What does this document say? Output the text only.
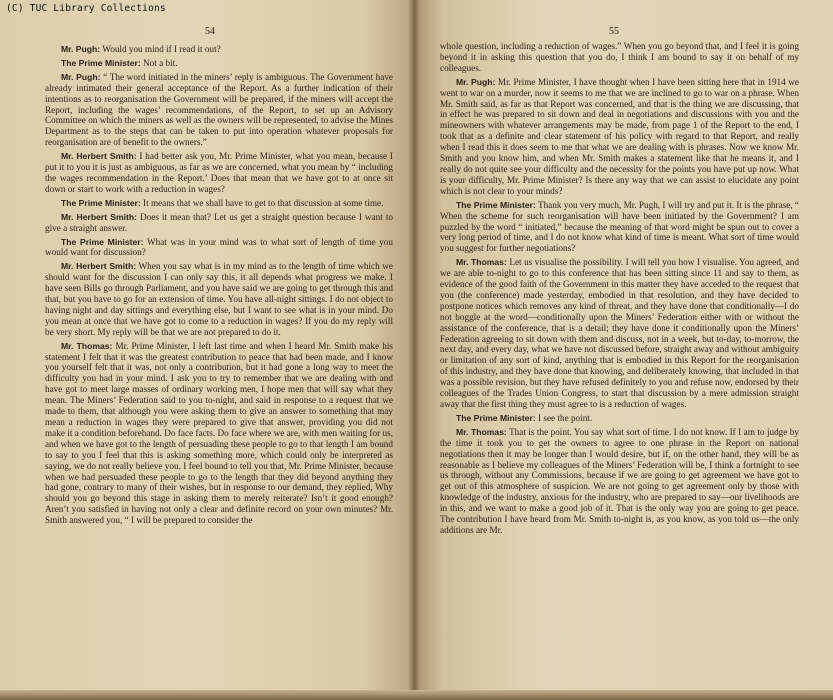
(C) TUC Library Collections
54

Mr. Pugh: Would you mind if I read it out?

The Prime Minister: Not a bit.

Mr. Pugh: “ The word initiated in the miners’ reply is ambiguous. The Government have already intimated their general acceptance of the Report. As a further indication of their intentions as to reorganisation the Government will be prepared, if the miners will accept the Report, including the wages’ recommendations, of the Report, to set up an Advisory Committee on which the miners as well as the owners will be represented, to advise the Mines Department as to the steps that can be taken to put into operation whatever proposals for reorganisation are of benefit to the owners.”

Mr. Herbert Smith: I had better ask you, Mr. Prime Minister, what you mean, because I put it to you it is just as ambiguous, as far as we are concerned, what you mean by “ including the wages recommendation in the Report.’ Does that mean that we have got to at once sit down or start to work with a reduction in wages?

The Prime Minister: It means that we shall have to get to that discussion at some time.

Mr. Herbert Smith: Does it mean that? Let us get a straight question because I want to give a straight answer.

The Prime Minister: What was in your mind was to what sort of length of time you would want for discussion?

Mr. Herbert Smith: When you say what is in my mind as to the length of time which we should want for the discussion I can only say this, it all depends what progress we make. I have seen Bills go through Parliament, and you have said we are going to get through this and that, but you have to go for an extension of time. You have all-night sittings. I do not object to having night and day sittings and everything else, but I want to see what is in your mind. Do you mean at once that we have got to come to a reduction in wages? If you do my reply will be very short. My reply will be that we are not prepared to do it.

Mr. Thomas: Mr. Prime Minister, I left last time and when I heard Mr. Smith make his statement I felt that it was the greatest contribution to peace that had been made, and I know you yourself felt that it was, not only a contribution, but it had gone a long way to meet the difficulty you had in your mind. I ask you to try to remember that we are dealing with and have got to meet large masses of ordinary working men, I hope men that will say what they mean. The Miners’ Federation said to you to-night, and said in response to a request that we made to them, that although you were asking them to give an answer to something that may mean a reduction in wages they were prepared to give that answer, providing you did not make it a condition beforehand. Do face facts. Do face where we are, with men waiting for us, and when we have got to the length of persuading these people to go to that length I am bound to say to you I feel that this is asking something more, which could only be interpreted as saying, we do not really believe you. I feel bound to tell you that, Mr. Prime Minister, because when we had persuaded these people to go to the length that they did beyond anything they had gone, contrary to many of their wishes, but in response to our demand, they replied, Why should you go beyond this stage in asking them to merely reiterate? Isn’t it good enough? Aren’t you satisfied in having not only a clear and definite record on your own minutes? Mr. Smith answered you, “ I will be prepared to consider the

55

whole question, including a reduction of wages.” When you go beyond that, and I feel it is going beyond it in asking this question that you do, I think I am bound to say it on behalf of my colleagues.

Mr. Pugh: Mr. Prime Minister, I have thought when I have been sitting here that in 1914 we went to war on a murder, now it seems to me that we are inclined to go to war on a phrase. When Mr. Smith said, as far as that Report was concerned, and that is the thing we are discussing, that in effect he was prepared to sit down and deal in negotiations and discussions with you and the mineowners with whatever arrangements may be made, from page 1 of the Report to the end, I took that as a definite and clear statement of his policy with regard to that Report, and really when I read this it does seem to me that what we are dealing with is phrases. Now we know Mr. Smith and you know him, and when Mr. Smith makes a statement like that he means it, and I really do not quite see your difficulty and the necessity for the points you have put up now. What is your difficulty, Mr. Prime Minister? Is there any way that we can assist to elucidate any point which is not clear to your minds?

The Prime Minister: Thank you very much, Mr. Pugh, I will try and put it. It is the phrase, “ When the scheme for such reorganisation will have been initiated by the Government? I am puzzled by the word “ initiated,” because the meaning of that word might be spun out to cover a very long period of time, and I do not know what kind of time is meant. What sort of time would you suggest for further negotiations?

Mr. Thomas: Let us visualise the possibility. I will tell you how I visualise. You agreed, and we are able to-night to go to this conference that has been sitting since 11 and say to them, as evidence of the good faith of the Government in this matter they have acceded to the request that you (the conference) made yesterday, embodied in that resolution, and they have decided to postpone notices which removes any kind of threat, and they have done that conditionally—I do not boggle at the word—conditionally upon the Miners’ Federation either with or without the assistance of the conference, that is a detail; they have done it conditionally upon the Miners’ Federation agreeing to sit down with them and discuss, not in a week, but to-day, to-morrow, the next day, and every day, what we have not discussed before, straight away and without ambiguity or limitation of any sort of kind, anything that is embodied in this Report for the reorganisation of this industry, and they have done that knowing, and deliberately knowing, that included in that was a possible revision, but they have refused definitely to you and refuse now, endorsed by their colleagues of the Trades Union Congress, to start that discussion by a mere admission straight away that the first thing they must agree to is a reduction of wages.

The Prime Minister: I see the point.

Mr. Thomas: That is the point. You say what sort of time. I do not know. If I am to judge by the time it took you to get the owners to agree to one phrase in the Report on national negotiations then it may be longer than I would desire, but if, on the other hand, they will be as reasonable as I believe my colleagues of the Miners’ Federation will be, I think a fortnight to see us through, without any Commissions, because if we are going to get agreement we have got to get out of this atmosphere of suspicion. We are not going to get agreement only by those with knowledge of the industry, anxious for the industry, who are prepared to say—our livelihoods are in this, and we want to make a good job of it. That is the only way you are going to get peace. The contribution I have heard from Mr. Smith to-night is, as you know, as you told us—the only additions are Mr.
